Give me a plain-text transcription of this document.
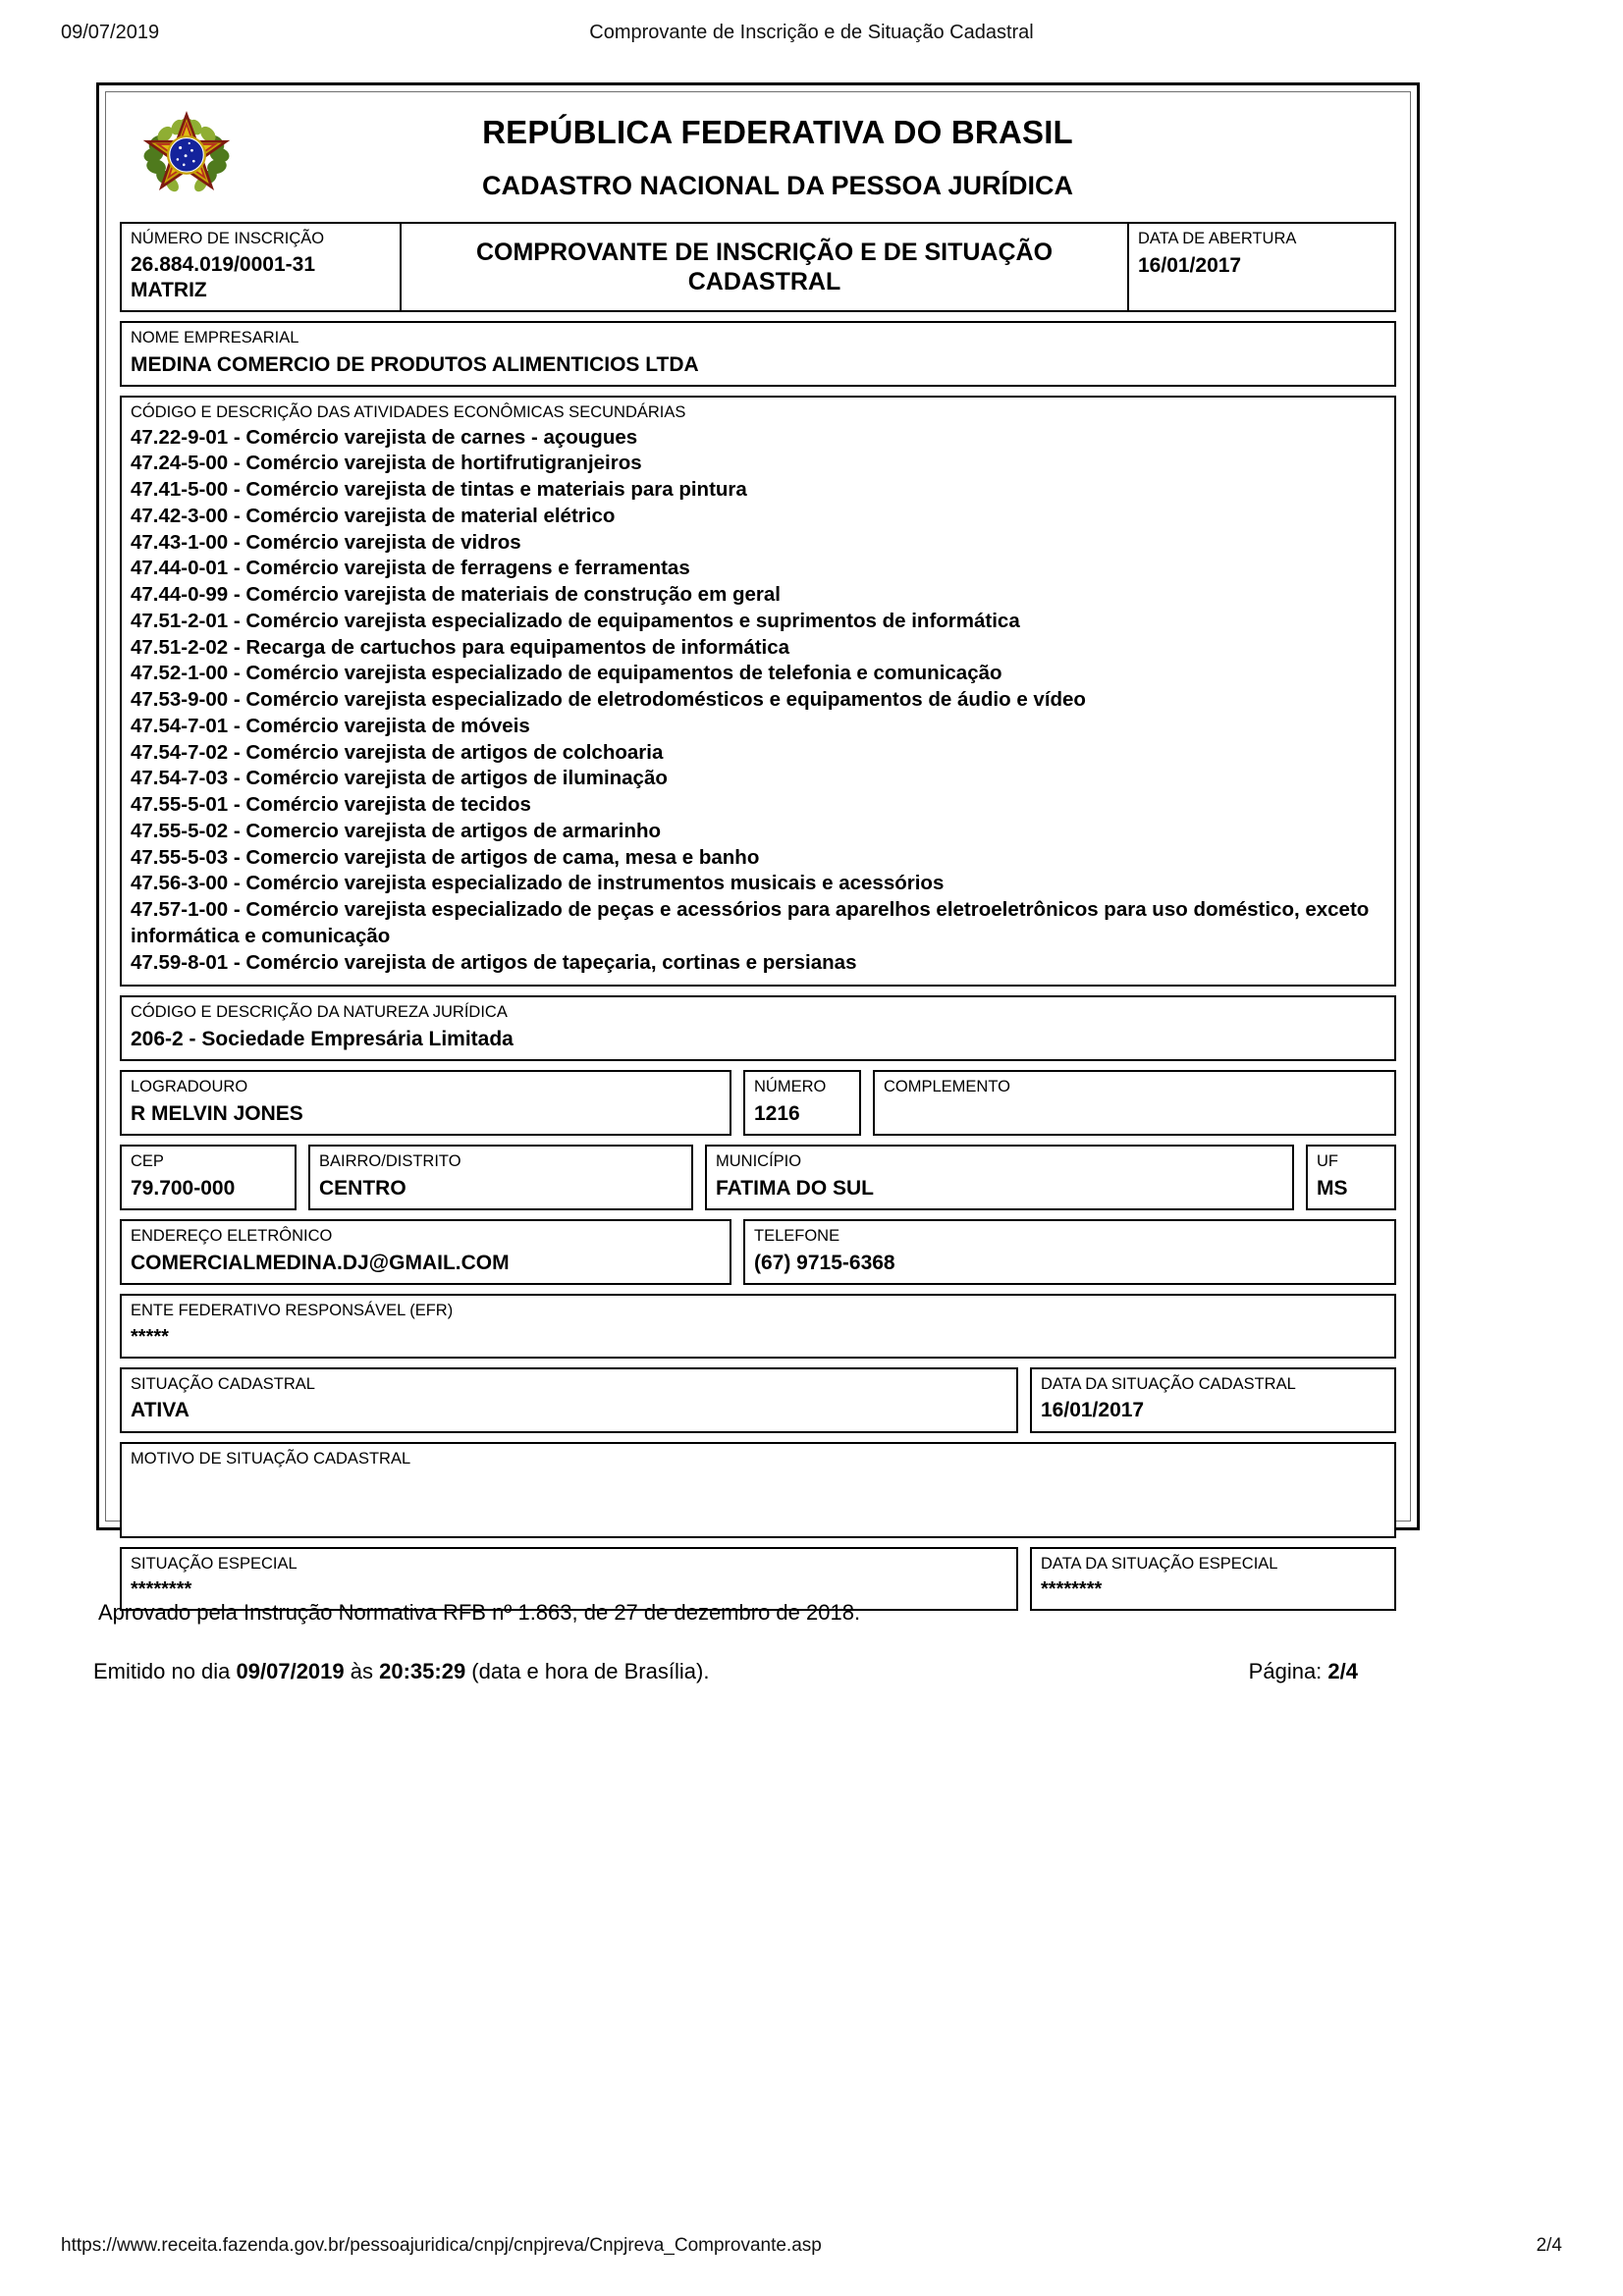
09/07/2019	Comprovante de Inscrição e de Situação Cadastral
REPÚBLICA FEDERATIVA DO BRASIL
CADASTRO NACIONAL DA PESSOA JURÍDICA
NÚMERO DE INSCRIÇÃO
26.884.019/0001-31
MATRIZ
COMPROVANTE DE INSCRIÇÃO E DE SITUAÇÃO CADASTRAL
DATA DE ABERTURA
16/01/2017
NOME EMPRESARIAL
MEDINA COMERCIO DE PRODUTOS ALIMENTICIOS LTDA
CÓDIGO E DESCRIÇÃO DAS ATIVIDADES ECONÔMICAS SECUNDÁRIAS
47.22-9-01 - Comércio varejista de carnes - açougues
47.24-5-00 - Comércio varejista de hortifrutigranjeiros
47.41-5-00 - Comércio varejista de tintas e materiais para pintura
47.42-3-00 - Comércio varejista de material elétrico
47.43-1-00 - Comércio varejista de vidros
47.44-0-01 - Comércio varejista de ferragens e ferramentas
47.44-0-99 - Comércio varejista de materiais de construção em geral
47.51-2-01 - Comércio varejista especializado de equipamentos e suprimentos de informática
47.51-2-02 - Recarga de cartuchos para equipamentos de informática
47.52-1-00 - Comércio varejista especializado de equipamentos de telefonia e comunicação
47.53-9-00 - Comércio varejista especializado de eletrodomésticos e equipamentos de áudio e vídeo
47.54-7-01 - Comércio varejista de móveis
47.54-7-02 - Comércio varejista de artigos de colchoaria
47.54-7-03 - Comércio varejista de artigos de iluminação
47.55-5-01 - Comércio varejista de tecidos
47.55-5-02 - Comercio varejista de artigos de armarinho
47.55-5-03 - Comercio varejista de artigos de cama, mesa e banho
47.56-3-00 - Comércio varejista especializado de instrumentos musicais e acessórios
47.57-1-00 - Comércio varejista especializado de peças e acessórios para aparelhos eletroeletrônicos para uso doméstico, exceto informática e comunicação
47.59-8-01 - Comércio varejista de artigos de tapeçaria, cortinas e persianas
CÓDIGO E DESCRIÇÃO DA NATUREZA JURÍDICA
206-2 - Sociedade Empresária Limitada
LOGRADOURO
R MELVIN JONES
NÚMERO
1216
COMPLEMENTO
CEP
79.700-000
BAIRRO/DISTRITO
CENTRO
MUNICÍPIO
FATIMA DO SUL
UF
MS
ENDEREÇO ELETRÔNICO
COMERCIALMEDINA.DJ@GMAIL.COM
TELEFONE
(67) 9715-6368
ENTE FEDERATIVO RESPONSÁVEL (EFR)
*****
SITUAÇÃO CADASTRAL
ATIVA
DATA DA SITUAÇÃO CADASTRAL
16/01/2017
MOTIVO DE SITUAÇÃO CADASTRAL
SITUAÇÃO ESPECIAL
********
DATA DA SITUAÇÃO ESPECIAL
********
Aprovado pela Instrução Normativa RFB nº 1.863, de 27 de dezembro de 2018.
Emitido no dia 09/07/2019 às 20:35:29 (data e hora de Brasília).	Página: 2/4
https://www.receita.fazenda.gov.br/pessoajuridica/cnpj/cnpjreva/Cnpjreva_Comprovante.asp	2/4
